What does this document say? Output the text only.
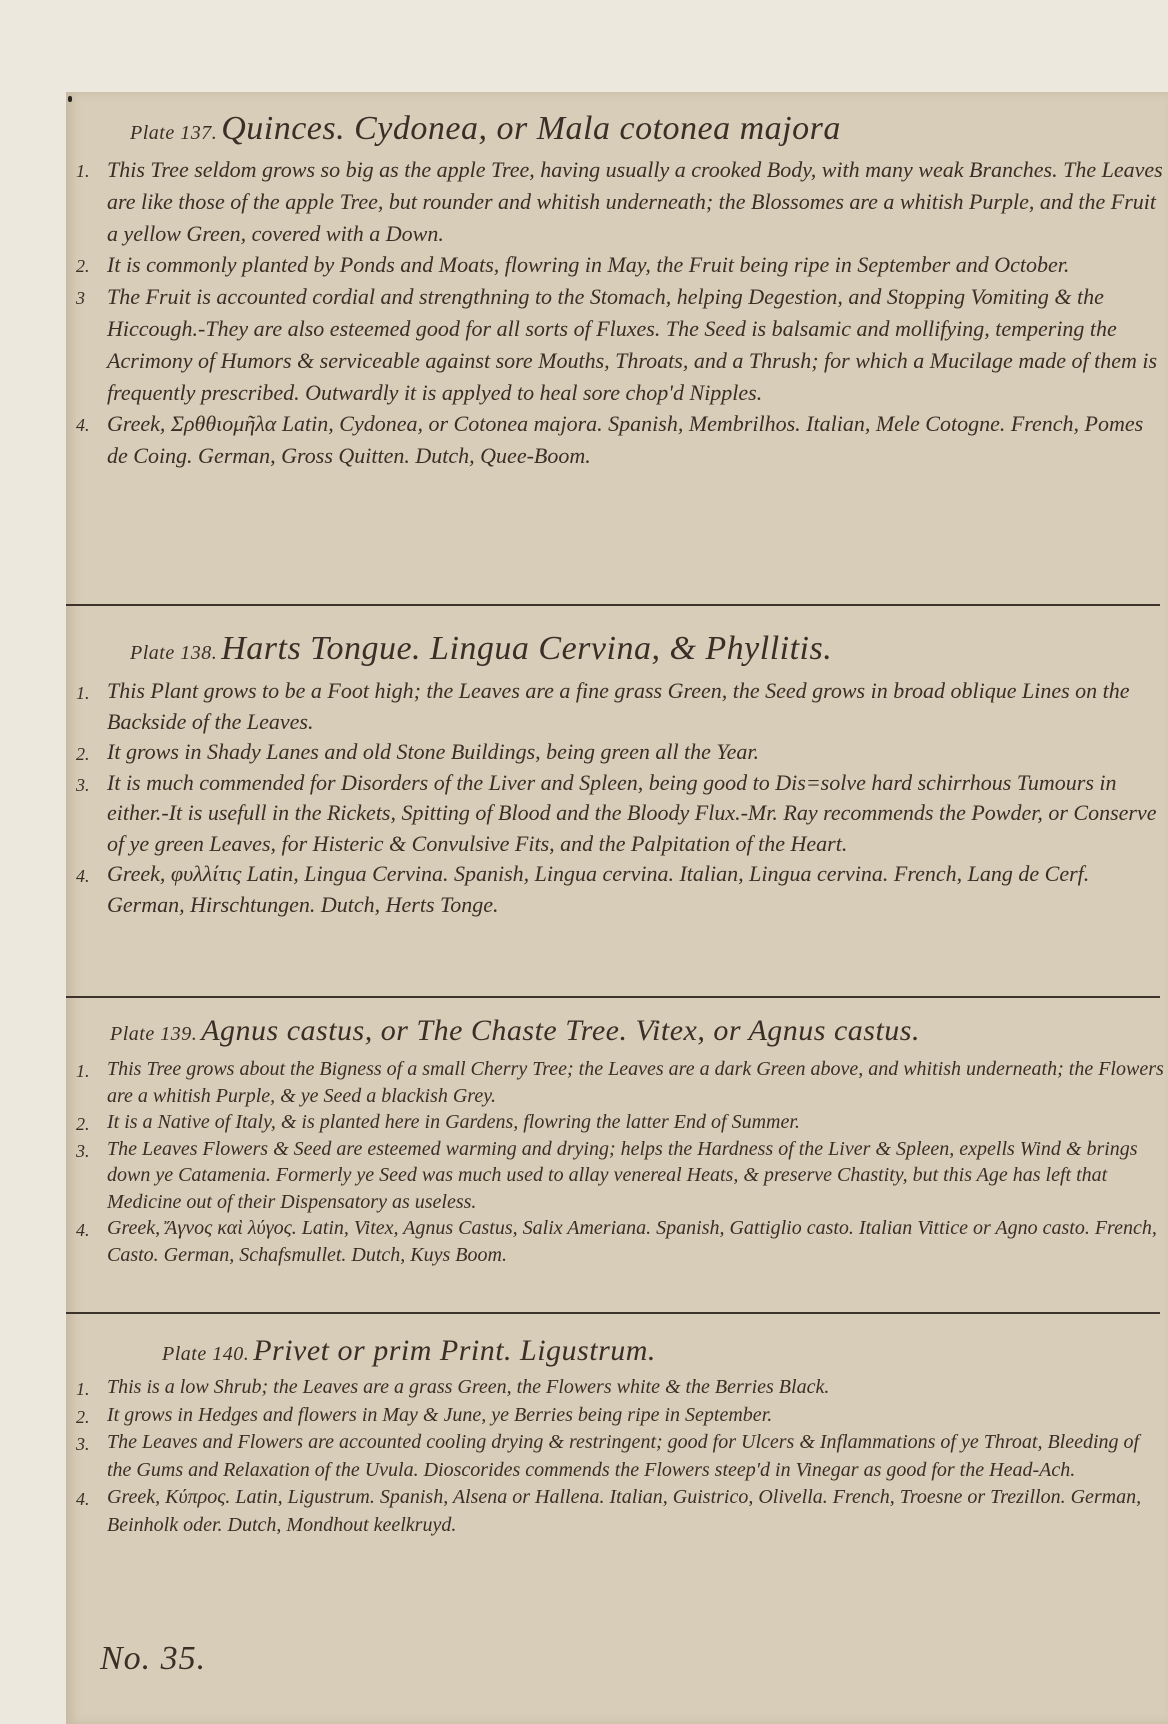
Plate 137. Quinces. Cydonea, or Mala cotonea majora
1. This Tree seldom grows so big as the apple Tree, having usually a crooked Body, with many weak Branches. The Leaves are like those of the apple Tree, but rounder and whitish underneath; the Blossomes are a whitish Purple, and the Fruit a yellow Green, covered with a Down.
2. It is commonly planted by Ponds and Moats, flowring in May, the Fruit being ripe in September and October.
3 The Fruit is accounted cordial and strengthning to the Stomach, helping Degestion, and Stopping Vomiting & the Hiccough.-They are also esteemed good for all sorts of Fluxes. The Seed is balsamic and mollifying, tempering the Acrimony of Humors & serviceable against sore Mouths, Throats, and a Thrush; for which a Mucilage made of them is frequently prescribed. Outwardly it is applyed to heal sore chop'd Nipples.
4. Greek, Σρθθιομῆλα Latin, Cydonea, or Cotonea majora. Spanish, Membrilhos. Italian, Mele Cotogne. French, Pomes de Coing. German, Gross Quitten. Dutch, Quee-Boom.
Plate 138. Harts Tongue. Lingua Cervina, & Phyllitis.
1. This Plant grows to be a Foot high; the Leaves are a fine grass Green, the Seed grows in broad oblique Lines on the Backside of the Leaves.
2. It grows in Shady Lanes and old Stone Buildings, being green all the Year.
3. It is much commended for Disorders of the Liver and Spleen, being good to Dis=solve hard schirrhous Tumours in either.-It is usefull in the Rickets, Spitting of Blood and the Bloody Flux.-Mr. Ray recommends the Powder, or Conserve of ye green Leaves, for Histeric & Convulsive Fits, and the Palpitation of the Heart.
4. Greek, φυλλίτις Latin, Lingua Cervina. Spanish, Lingua cervina. Italian, Lingua cervina. French, Lang de Cerf. German, Hirschtungen. Dutch, Herts Tonge.
Plate 139. Agnus castus, or The Chaste Tree. Vitex, or Agnus castus.
1. This Tree grows about the Bigness of a small Cherry Tree; the Leaves are a dark Green above, and whitish underneath; the Flowers are a whitish Purple, & ye Seed a blackish Grey.
2. It is a Native of Italy, & is planted here in Gardens, flowring the latter End of Summer.
3. The Leaves Flowers & Seed are esteemed warming and drying; helps the Hardness of the Liver & Spleen, expells Wind & brings down ye Catamenia. Formerly ye Seed was much used to allay venereal Heats, & preserve Chastity, but this Age has left that Medicine out of their Dispensatory as useless.
4. Greek, Ἄγνος καὶ λύγος. Latin, Vitex, Agnus Castus, Salix Ameriana. Spanish, Gattiglio casto. Italian Vittice or Agno casto. French, Casto. German, Schafsmullet. Dutch, Kuys Boom.
Plate 140. Privet or prim Print. Ligustrum.
1. This is a low Shrub; the Leaves are a grass Green, the Flowers white & the Berries Black.
2. It grows in Hedges and flowers in May & June, ye Berries being ripe in September.
3. The Leaves and Flowers are accounted cooling drying & restringent; good for Ulcers & Inflammations of ye Throat, Bleeding of the Gums and Relaxation of the Uvula. Dioscorides commends the Flowers steep'd in Vinegar as good for the Head-Ach.
4. Greek, Κύπρος. Latin, Ligustrum. Spanish, Alsena or Hallena. Italian, Guistrico, Olivella. French, Troesne or Trezillon. German, Beinholk oder. Dutch, Mondhout keelkruyd.
No. 35.
